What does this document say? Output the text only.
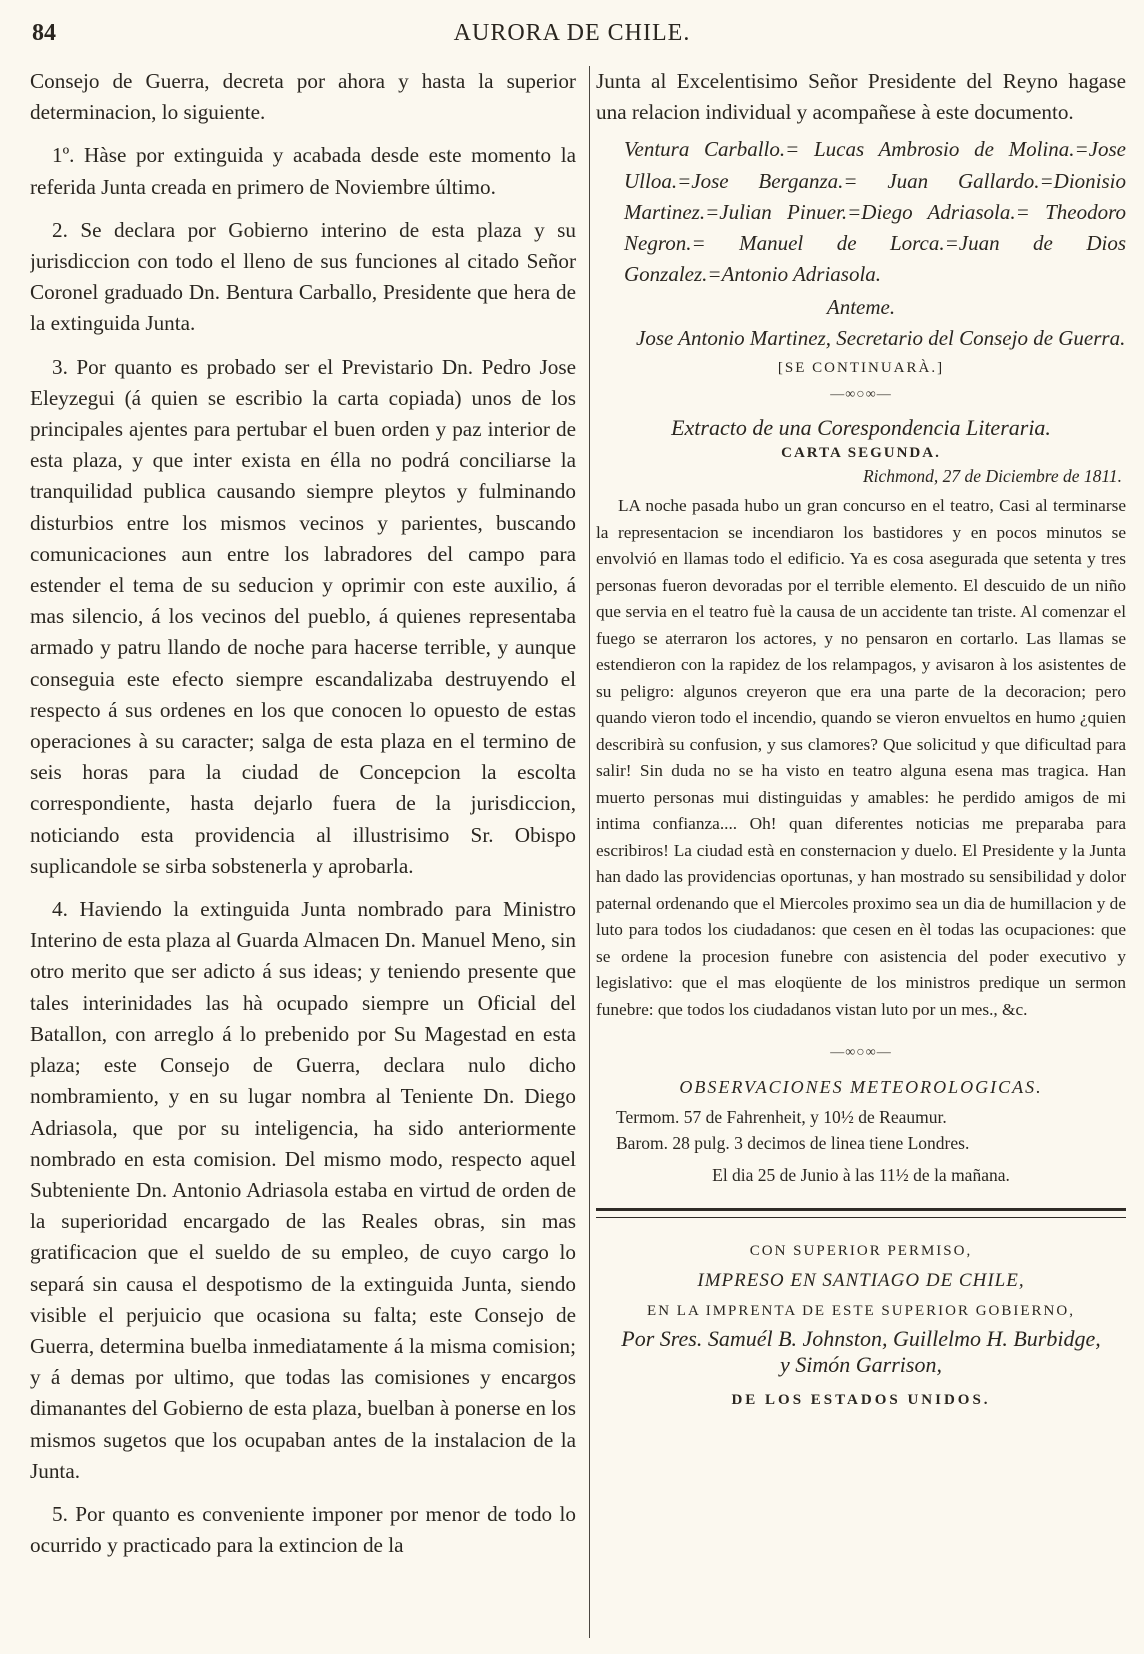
84	AURORA DE CHILE.

Consejo de Guerra, decreta por ahora y hasta la superior determinacion, lo siguiente.

1º. Hàse por extinguida y acabada desde este momento la referida Junta creada en primero de Noviembre último.

2. Se declara por Gobierno interino de esta plaza y su jurisdiccion con todo el lleno de sus funciones al citado Señor Coronel graduado Dn. Bentura Carballo, Presidente que hera de la extinguida Junta.

3. Por quanto es probado ser el Previstario Dn. Pedro Jose Eleyzegui (á quien se escribio la carta copiada) unos de los principales ajentes para pertubar el buen orden y paz interior de esta plaza, y que inter exista en élla no podrá conciliarse la tranquilidad publica causando siempre pleytos y fulminando disturbios entre los mismos vecinos y parientes, buscando comunicaciones aun entre los labradores del campo para estender el tema de su seducion y oprimir con este auxilio, á mas silencio, á los vecinos del pueblo, á quienes representaba armado y patru llando de noche para hacerse terrible, y aunque conseguia este efecto siempre escandalizaba destruyendo el respecto á sus ordenes en los que conocen lo opuesto de estas operaciones à su caracter; salga de esta plaza en el termino de seis horas para la ciudad de Concepcion la escolta correspondiente, hasta dejarlo fuera de la jurisdiccion, noticiando esta providencia al illustrisimo Sr. Obispo suplicandole se sirba sobstenerla y aprobarla.

4. Haviendo la extinguida Junta nombrado para Ministro Interino de esta plaza al Guarda Almacen Dn. Manuel Meno, sin otro merito que ser adicto á sus ideas; y teniendo presente que tales interinidades las hà ocupado siempre un Oficial del Batallon, con arreglo á lo prebenido por Su Magestad en esta plaza; este Consejo de Guerra, declara nulo dicho nombramiento, y en su lugar nombra al Teniente Dn. Diego Adriasola, que por su inteligencia, ha sido anteriormente nombrado en esta comision. Del mismo modo, respecto aquel Subteniente Dn. Antonio Adriasola estaba en virtud de orden de la superioridad encargado de las Reales obras, sin mas gratificacion que el sueldo de su empleo, de cuyo cargo lo separá sin causa el despotismo de la extinguida Junta, siendo visible el perjuicio que ocasiona su falta; este Consejo de Guerra, determina buelba inmediatamente á la misma comision; y á demas por ultimo, que todas las comisiones y encargos dimanantes del Gobierno de esta plaza, buelban à ponerse en los mismos sugetos que los ocupaban antes de la instalacion de la Junta.

5. Por quanto es conveniente imponer por menor de todo lo ocurrido y practicado para la extincion de la

Junta al Excelentisimo Señor Presidente del Reyno hagase una relacion individual y acompañese à este documento.

Ventura Carballo.= Lucas Ambrosio de Molina.=Jose Ulloa.=Jose Berganza.= Juan Gallardo.=Dionisio Martinez.=Julian Pinuer.=Diego Adriasola.= Theodoro Negron.= Manuel de Lorca.=Juan de Dios Gonzalez.=Antonio Adriasola.
Anteme.
Jose Antonio Martinez, Secretario del Consejo de Guerra.
[SE CONTINUARÀ.]
—∞○∞—
Extracto de una Corespondencia Literaria.
CARTA SEGUNDA.
Richmond, 27 de Diciembre de 1811.

LA noche pasada hubo un gran concurso en el teatro, Casi al terminarse la representacion se incendiaron los bastidores y en pocos minutos se envolvió en llamas todo el edificio. Ya es cosa asegurada que setenta y tres personas fueron devoradas por el terrible elemento. El descuido de un niño que servia en el teatro fuè la causa de un accidente tan triste. Al comenzar el fuego se aterraron los actores, y no pensaron en cortarlo. Las llamas se estendieron con la rapidez de los relampagos, y avisaron à los asistentes de su peligro: algunos creyeron que era una parte de la decoracion; pero quando vieron todo el incendio, quando se vieron envueltos en humo ¿quien describirà su confusion, y sus clamores? Que solicitud y que dificultad para salir! Sin duda no se ha visto en teatro alguna esena mas tragica. Han muerto personas mui distinguidas y amables: he perdido amigos de mi intima confianza.... Oh! quan diferentes noticias me preparaba para escribiros! La ciudad està en consternacion y duelo. El Presidente y la Junta han dado las providencias oportunas, y han mostrado su sensibilidad y dolor paternal ordenando que el Miercoles proximo sea un dia de humillacion y de luto para todos los ciudadanos: que cesen en èl todas las ocupaciones: que se ordene la procesion funebre con asistencia del poder executivo y legislativo: que el mas eloqüente de los ministros predique un sermon funebre: que todos los ciudadanos vistan luto por un mes., &c.

—∞○∞—
OBSERVACIONES METEOROLOGICAS.
Termom. 57 de Fahrenheit, y 10½ de Reaumur.
Barom. 28 pulg. 3 decimos de linea tiene Londres.
El dia 25 de Junio à las 11½ de la mañana.
CON SUPERIOR PERMISO,
IMPRESO EN SANTIAGO DE CHILE,
EN LA IMPRENTA DE ESTE SUPERIOR GOBIERNO,
Por Sres. Samuél B. Johnston, Guillelmo H. Burbidge,
y Simón Garrison,
DE LOS ESTADOS UNIDOS.
